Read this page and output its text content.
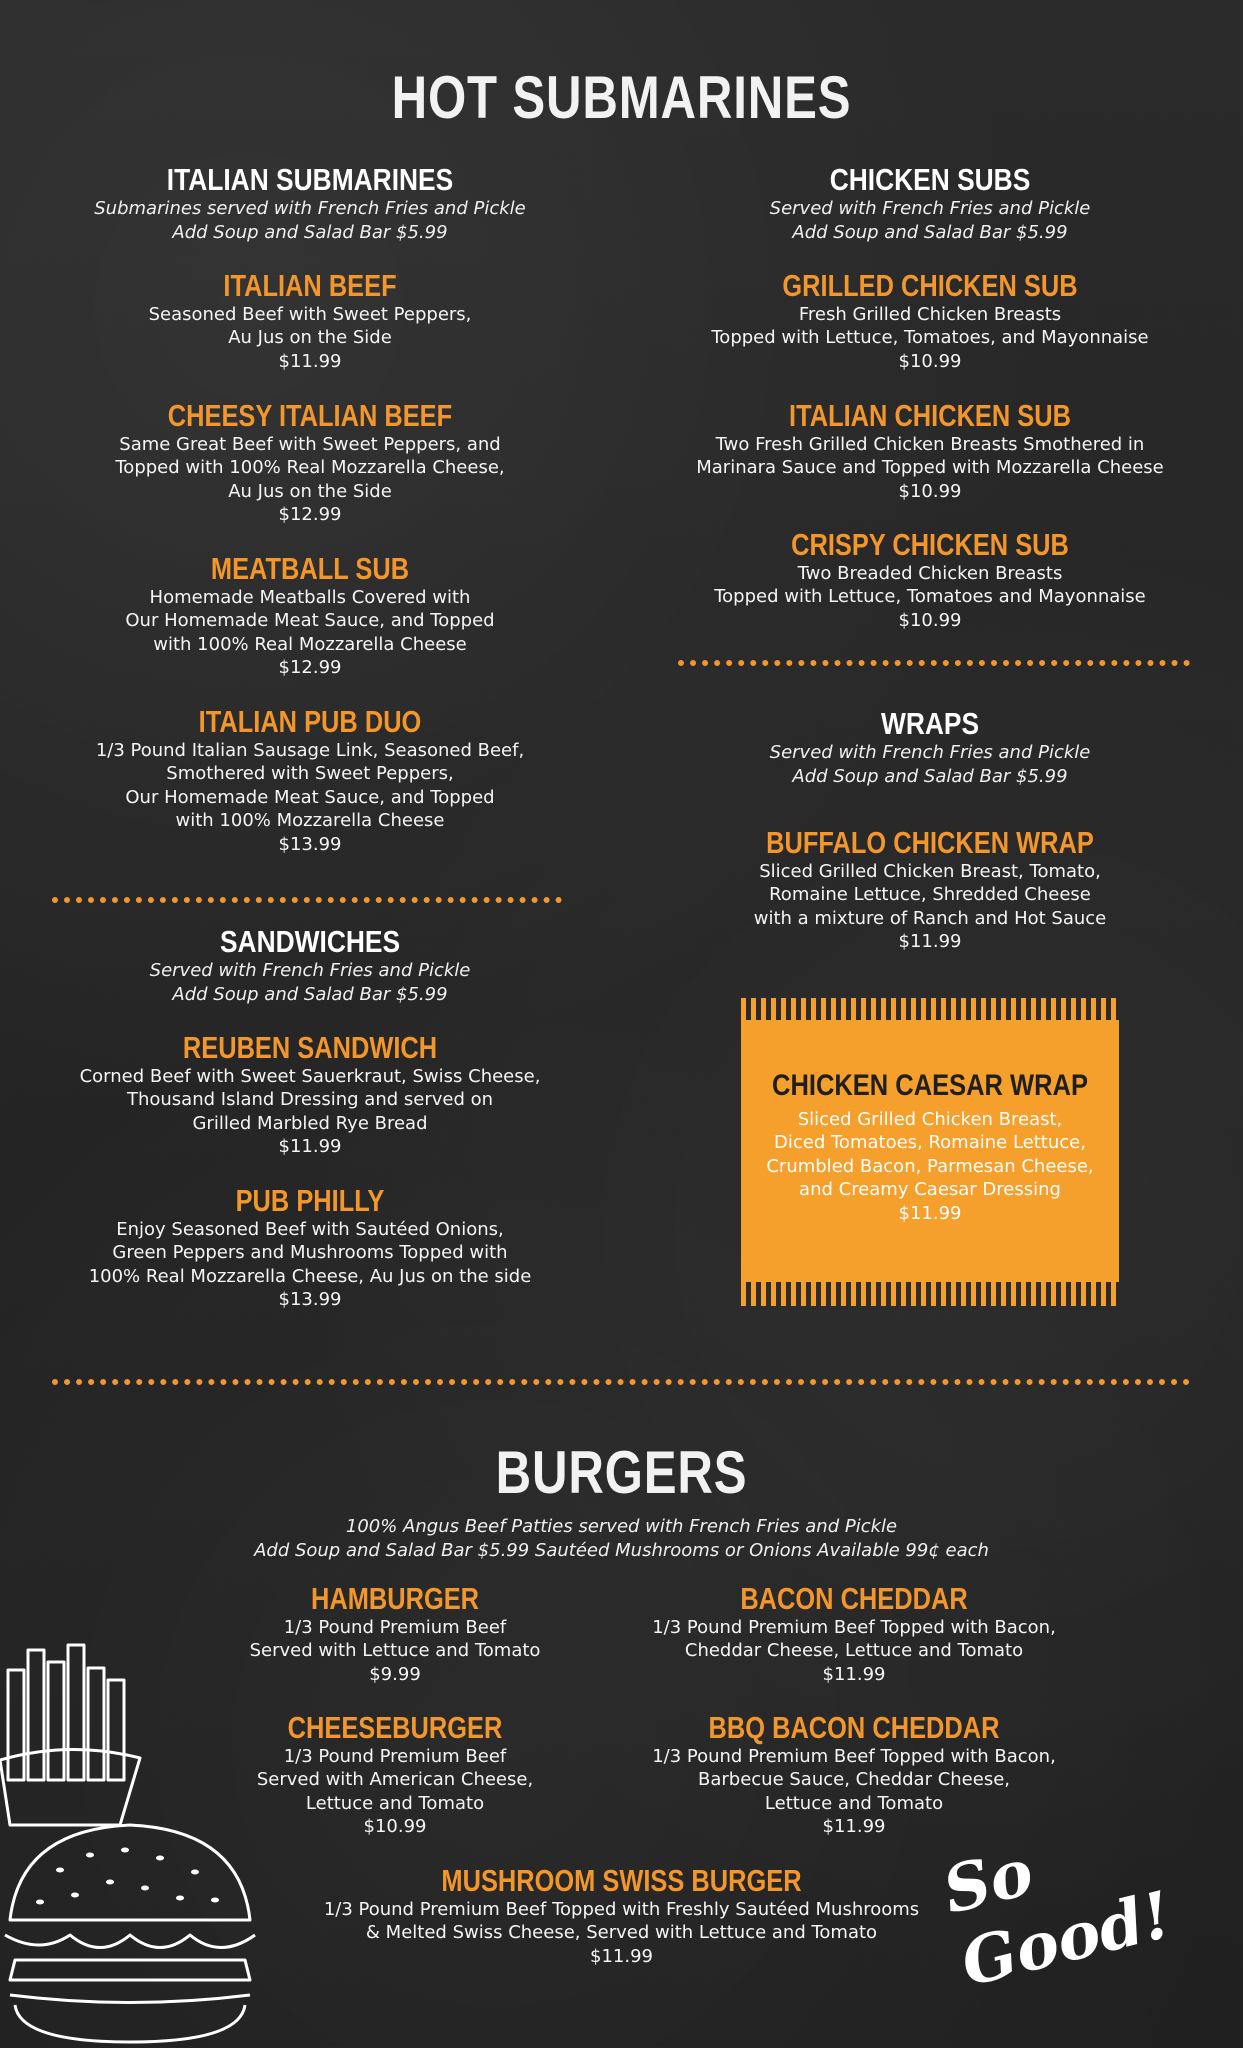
HOT SUBMARINES
ITALIAN SUBMARINES
Submarines served with French Fries and Pickle
Add Soup and Salad Bar $5.99
ITALIAN BEEF
Seasoned Beef with Sweet Peppers,
Au Jus on the Side
$11.99
CHEESY ITALIAN BEEF
Same Great Beef with Sweet Peppers, and
Topped with 100% Real Mozzarella Cheese,
Au Jus on the Side
$12.99
MEATBALL SUB
Homemade Meatballs Covered with
Our Homemade Meat Sauce, and Topped
with 100% Real Mozzarella Cheese
$12.99
ITALIAN PUB DUO
1/3 Pound Italian Sausage Link, Seasoned Beef,
Smothered with Sweet Peppers,
Our Homemade Meat Sauce, and Topped
with 100% Mozzarella Cheese
$13.99
SANDWICHES
Served with French Fries and Pickle
Add Soup and Salad Bar $5.99
REUBEN SANDWICH
Corned Beef with Sweet Sauerkraut, Swiss Cheese,
Thousand Island Dressing and served on
Grilled Marbled Rye Bread
$11.99
PUB PHILLY
Enjoy Seasoned Beef with Sautéed Onions,
Green Peppers and Mushrooms Topped with
100% Real Mozzarella Cheese, Au Jus on the side
$13.99
CHICKEN SUBS
Served with French Fries and Pickle
Add Soup and Salad Bar $5.99
GRILLED CHICKEN SUB
Fresh Grilled Chicken Breasts
Topped with Lettuce, Tomatoes, and Mayonnaise
$10.99
ITALIAN CHICKEN SUB
Two Fresh Grilled Chicken Breasts Smothered in
Marinara Sauce and Topped with Mozzarella Cheese
$10.99
CRISPY CHICKEN SUB
Two Breaded Chicken Breasts
Topped with Lettuce, Tomatoes and Mayonnaise
$10.99
WRAPS
Served with French Fries and Pickle
Add Soup and Salad Bar $5.99
BUFFALO CHICKEN WRAP
Sliced Grilled Chicken Breast, Tomato,
Romaine Lettuce, Shredded Cheese
with a mixture of Ranch and Hot Sauce
$11.99
CHICKEN CAESAR WRAP
Sliced Grilled Chicken Breast,
Diced Tomatoes, Romaine Lettuce,
Crumbled Bacon, Parmesan Cheese,
and Creamy Caesar Dressing
$11.99
BURGERS
100% Angus Beef Patties served with French Fries and Pickle
Add Soup and Salad Bar $5.99 Sautéed Mushrooms or Onions Available 99¢ each
HAMBURGER
1/3 Pound Premium Beef
Served with Lettuce and Tomato
$9.99
BACON CHEDDAR
1/3 Pound Premium Beef Topped with Bacon,
Cheddar Cheese, Lettuce and Tomato
$11.99
CHEESEBURGER
1/3 Pound Premium Beef
Served with American Cheese,
Lettuce and Tomato
$10.99
BBQ BACON CHEDDAR
1/3 Pound Premium Beef Topped with Bacon,
Barbecue Sauce, Cheddar Cheese,
Lettuce and Tomato
$11.99
MUSHROOM SWISS BURGER
1/3 Pound Premium Beef Topped with Freshly Sautéed Mushrooms
& Melted Swiss Cheese, Served with Lettuce and Tomato
$11.99
So Good!
